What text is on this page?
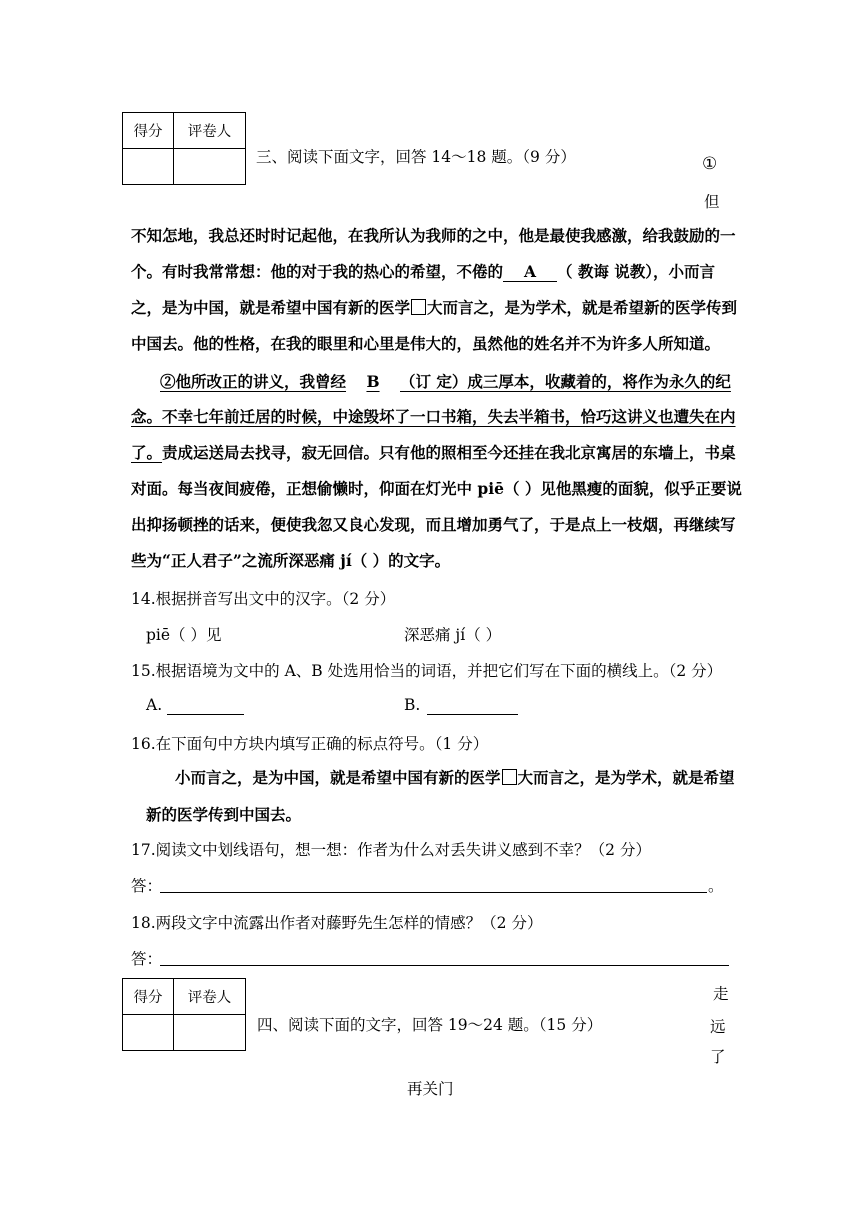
得分	评卷人

三、阅读下面文字，回答 14～18 题。（9 分）	①
但
不知怎地，我总还时时记起他，在我所认为我师的之中，他是最使我感激，给我鼓励的一
个。有时我常常想：他的对于我的热心的希望，不倦的 A （ 教诲 说教），小而言
之，是为中国，就是希望中国有新的医学 大而言之，是为学术，就是希望新的医学传到
中国去。他的性格，在我的眼里和心里是伟大的，虽然他的姓名并不为许多人所知道。
②他所改正的讲义，我曾经 B （订 定）成三厚本，收藏着的，将作为永久的纪
念。不幸七年前迁居的时候，中途毁坏了一口书箱，失去半箱书，恰巧这讲义也遭失在内
了。责成运送局去找寻，寂无回信。只有他的照相至今还挂在我北京寓居的东墙上，书桌
对面。每当夜间疲倦，正想偷懒时，仰面在灯光中 piē（ ）见他黑瘦的面貌，似乎正要说
出抑扬顿挫的话来，便使我忽又良心发现，而且增加勇气了，于是点上一枝烟，再继续写
些为“正人君子”之流所深恶痛 jí（ ）的文字。
14.根据拼音写出文中的汉字。（2 分）
piē（ ）见	深恶痛 jí（ ）
15.根据语境为文中的 A、B 处选用恰当的词语，并把它们写在下面的横线上。（2 分）
A.	B.
16.在下面句中方块内填写正确的标点符号。（1 分）
小而言之，是为中国，就是希望中国有新的医学 大而言之，是为学术，就是希望
新的医学传到中国去。
17.阅读文中划线语句，想一想：作者为什么对丢失讲义感到不幸？（2 分）
答：	。
18.两段文字中流露出作者对藤野先生怎样的情感？（2 分）
答：
得分	评卷人

四、阅读下面的文字，回答 19～24 题。（15 分）
走
远
了
再关门
